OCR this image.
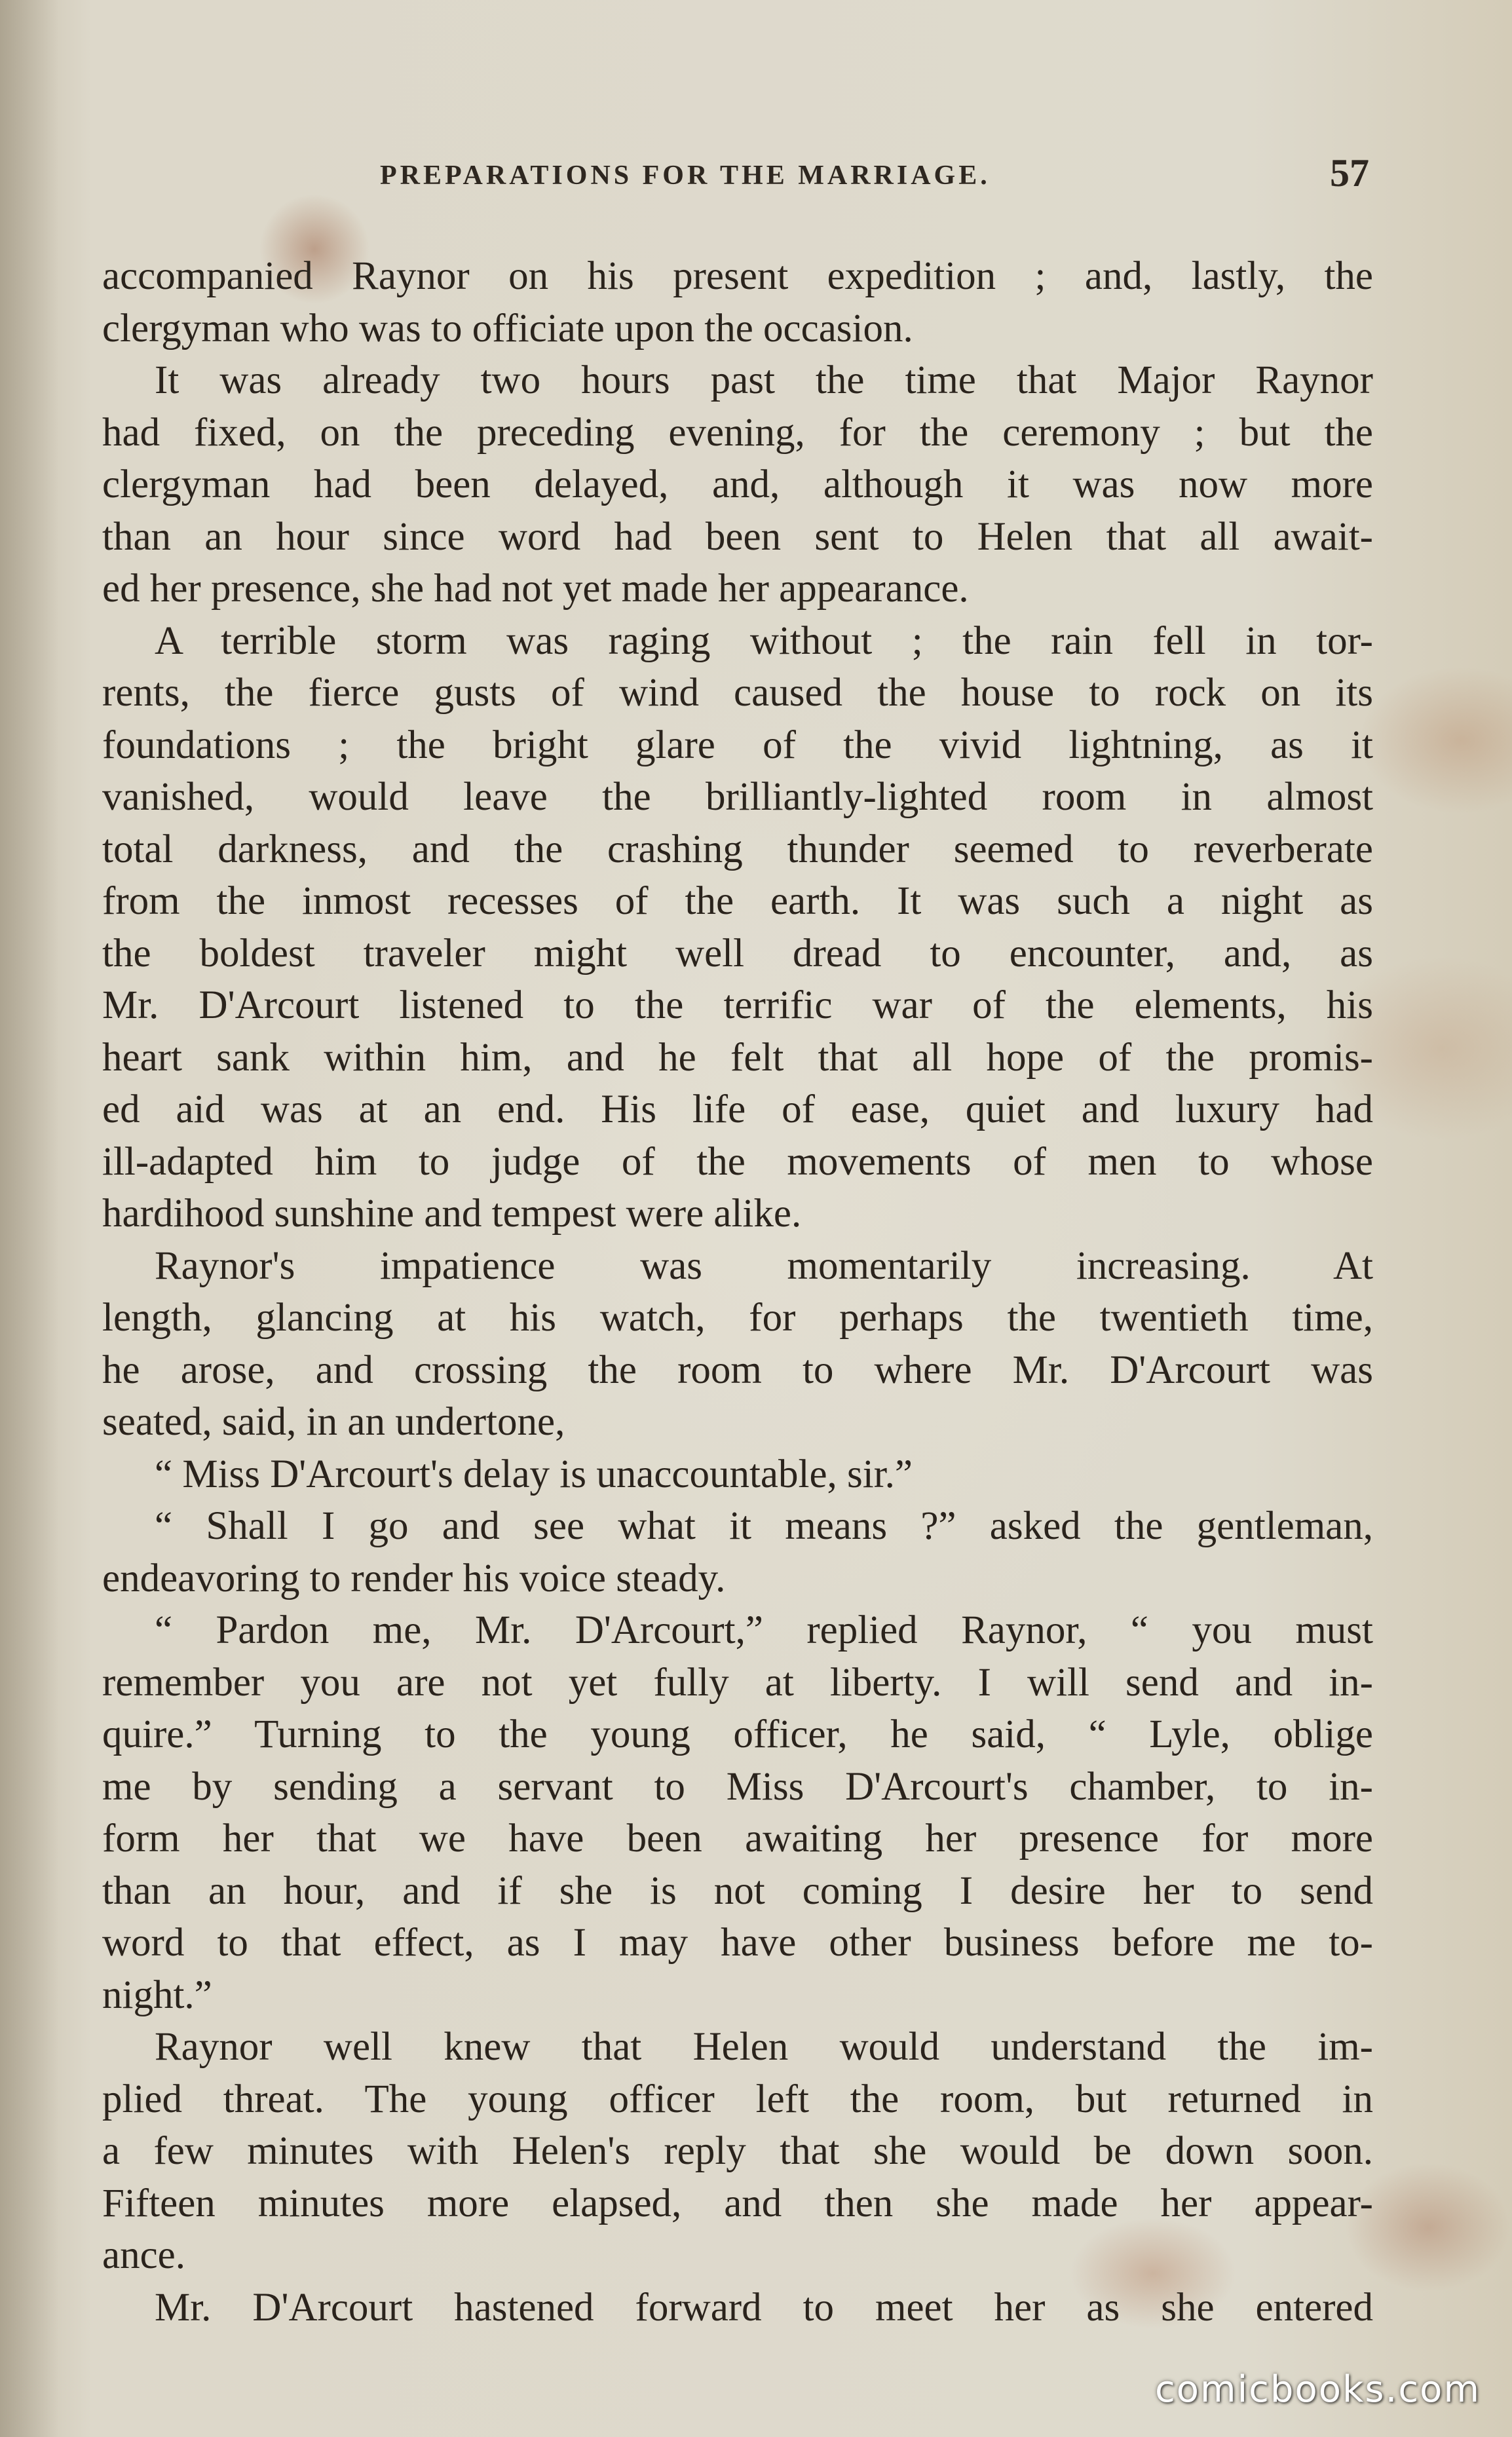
PREPARATIONS FOR THE MARRIAGE.	57
accompanied Raynor on his present expedition ; and, lastly, the
clergyman who was to officiate upon the occasion.
It was already two hours past the time that Major Raynor
had fixed, on the preceding evening, for the ceremony ; but the
clergyman had been delayed, and, although it was now more
than an hour since word had been sent to Helen that all await-
ed her presence, she had not yet made her appearance.
A terrible storm was raging without ; the rain fell in tor-
rents, the fierce gusts of wind caused the house to rock on its
foundations ; the bright glare of the vivid lightning, as it
vanished, would leave the brilliantly-lighted room in almost
total darkness, and the crashing thunder seemed to reverberate
from the inmost recesses of the earth. It was such a night as
the boldest traveler might well dread to encounter, and, as
Mr. D'Arcourt listened to the terrific war of the elements, his
heart sank within him, and he felt that all hope of the promis-
ed aid was at an end. His life of ease, quiet and luxury had
ill-adapted him to judge of the movements of men to whose
hardihood sunshine and tempest were alike.
Raynor's impatience was momentarily increasing. At
length, glancing at his watch, for perhaps the twentieth time,
he arose, and crossing the room to where Mr. D'Arcourt was
seated, said, in an undertone,
“ Miss D'Arcourt's delay is unaccountable, sir.”
“ Shall I go and see what it means ?” asked the gentleman,
endeavoring to render his voice steady.
“ Pardon me, Mr. D'Arcourt,” replied Raynor, “ you must
remember you are not yet fully at liberty. I will send and in-
quire.” Turning to the young officer, he said, “ Lyle, oblige
me by sending a servant to Miss D'Arcourt's chamber, to in-
form her that we have been awaiting her presence for more
than an hour, and if she is not coming I desire her to send
word to that effect, as I may have other business before me to-
night.”
Raynor well knew that Helen would understand the im-
plied threat. The young officer left the room, but returned in
a few minutes with Helen's reply that she would be down soon.
Fifteen minutes more elapsed, and then she made her appear-
ance.
Mr. D'Arcourt hastened forward to meet her as she entered
comicbooks.com
